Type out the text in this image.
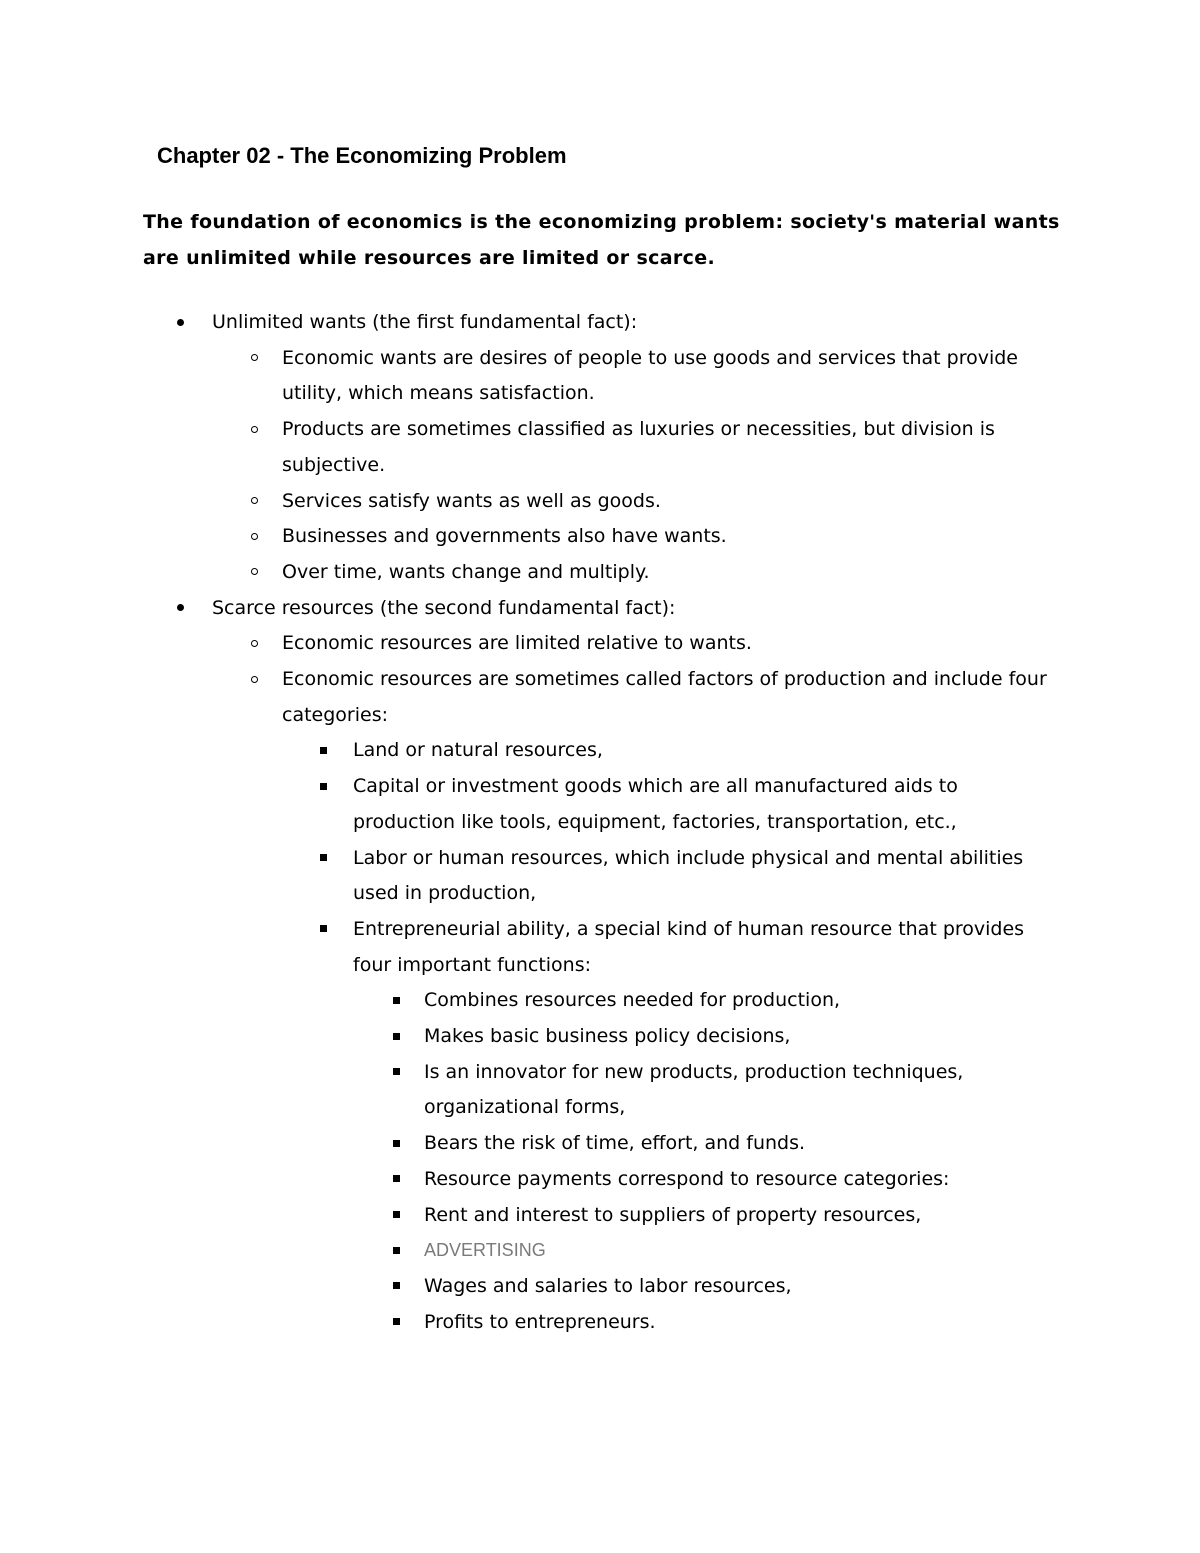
Chapter 02 - The Economizing Problem
The foundation of economics is the economizing problem: society's material wants are unlimited while resources are limited or scarce.
Unlimited wants (the first fundamental fact):
Economic wants are desires of people to use goods and services that provide utility, which means satisfaction.
Products are sometimes classified as luxuries or necessities, but division is subjective.
Services satisfy wants as well as goods.
Businesses and governments also have wants.
Over time, wants change and multiply.
Scarce resources (the second fundamental fact):
Economic resources are limited relative to wants.
Economic resources are sometimes called factors of production and include four categories:
Land or natural resources,
Capital or investment goods which are all manufactured aids to production like tools, equipment, factories, transportation, etc.,
Labor or human resources, which include physical and mental abilities used in production,
Entrepreneurial ability, a special kind of human resource that provides four important functions:
Combines resources needed for production,
Makes basic business policy decisions,
Is an innovator for new products, production techniques, organizational forms,
Bears the risk of time, effort, and funds.
Resource payments correspond to resource categories:
Rent and interest to suppliers of property resources,
ADVERTISING
Wages and salaries to labor resources,
Profits to entrepreneurs.
